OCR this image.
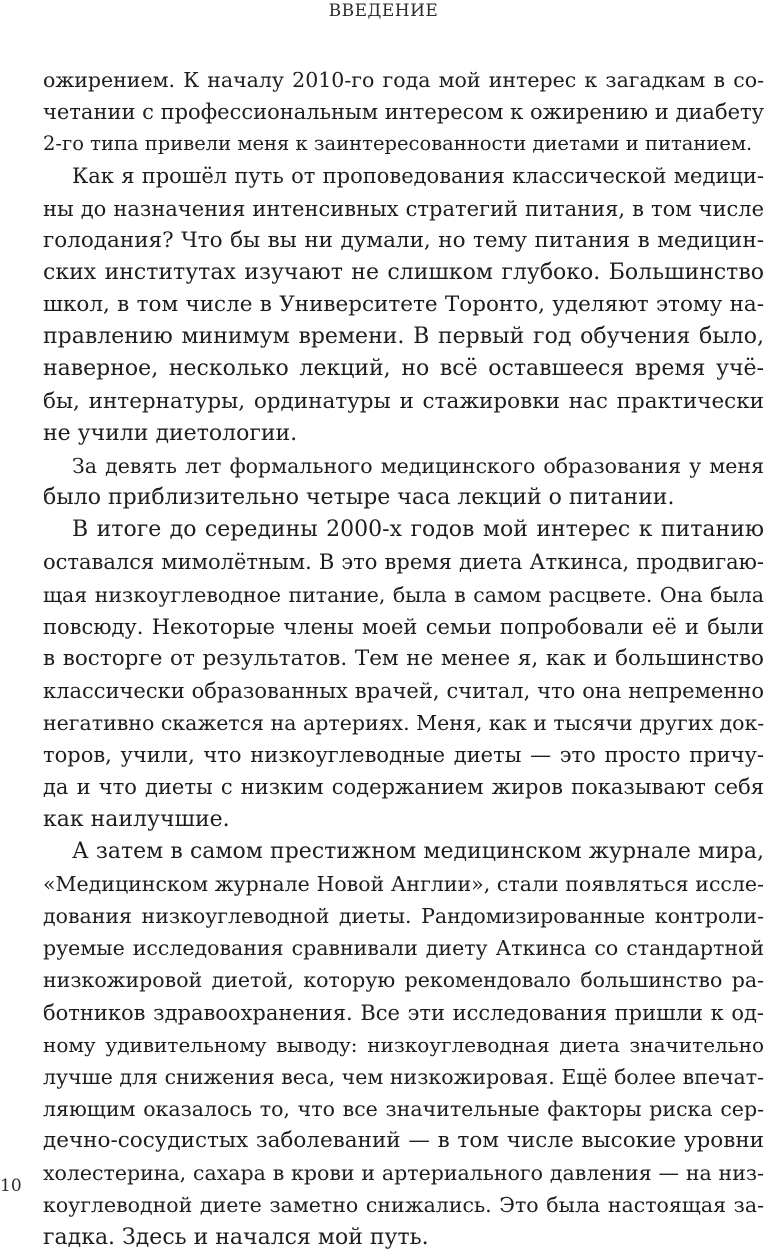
ВВЕДЕНИЕ
ожирением. К началу 2010-го года мой интерес к загадкам в со-
четании с профессиональным интересом к ожирению и диабету
2-го типа привели меня к заинтересованности диетами и питанием.
Как я прошёл путь от проповедования классической медици-
ны до назначения интенсивных стратегий питания, в том числе
голодания? Что бы вы ни думали, но тему питания в медицин-
ских институтах изучают не слишком глубоко. Большинство
школ, в том числе в Университете Торонто, уделяют этому на-
правлению минимум времени. В первый год обучения было,
наверное, несколько лекций, но всё оставшееся время учё-
бы, интернатуры, ординатуры и стажировки нас практически
не учили диетологии.
За девять лет формального медицинского образования у меня
было приблизительно четыре часа лекций о питании.
В итоге до середины 2000-х годов мой интерес к питанию
оставался мимолётным. В это время диета Аткинса, продвигаю-
щая низкоуглеводное питание, была в самом расцвете. Она была
повсюду. Некоторые члены моей семьи попробовали её и были
в восторге от результатов. Тем не менее я, как и большинство
классически образованных врачей, считал, что она непременно
негативно скажется на артериях. Меня, как и тысячи других док-
торов, учили, что низкоуглеводные диеты — это просто причу-
да и что диеты с низким содержанием жиров показывают себя
как наилучшие.
А затем в самом престижном медицинском журнале мира,
«Медицинском журнале Новой Англии», стали появляться иссле-
дования низкоуглеводной диеты. Рандомизированные контроли-
руемые исследования сравнивали диету Аткинса со стандартной
низкожировой диетой, которую рекомендовало большинство ра-
ботников здравоохранения. Все эти исследования пришли к од-
ному удивительному выводу: низкоуглеводная диета значительно
лучше для снижения веса, чем низкожировая. Ещё более впечат-
ляющим оказалось то, что все значительные факторы риска сер-
дечно-сосудистых заболеваний — в том числе высокие уровни
холестерина, сахара в крови и артериального давления — на низ-
коуглеводной диете заметно снижались. Это была настоящая за-
гадка. Здесь и начался мой путь.
10
